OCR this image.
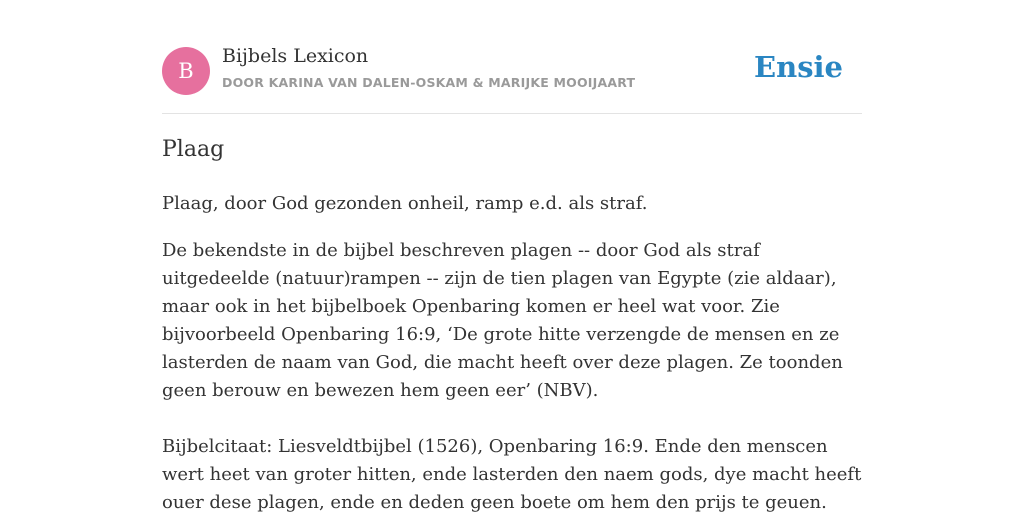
B
Bijbels Lexicon
DOOR KARINA VAN DALEN-OSKAM & MARIJKE MOOIJAART	Ensie
Plaag

Plaag, door God gezonden onheil, ramp e.d. als straf.

De bekendste in de bijbel beschreven plagen -- door God als straf uitgedeelde (natuur)rampen -- zijn de tien plagen van Egypte (zie aldaar), maar ook in het bijbelboek Openbaring komen er heel wat voor. Zie bijvoorbeeld Openbaring 16:9, ‘De grote hitte verzengde de mensen en ze lasterden de naam van God, die macht heeft over deze plagen. Ze toonden geen berouw en bewezen hem geen eer’ (NBV).

Bijbelcitaat: Liesveldtbijbel (1526), Openbaring 16:9. Ende den menscen wert heet van groter hitten, ende lasterden den naem gods, dye macht heeft ouer dese plagen, ende en deden geen boete om hem den prijs te geuen.
